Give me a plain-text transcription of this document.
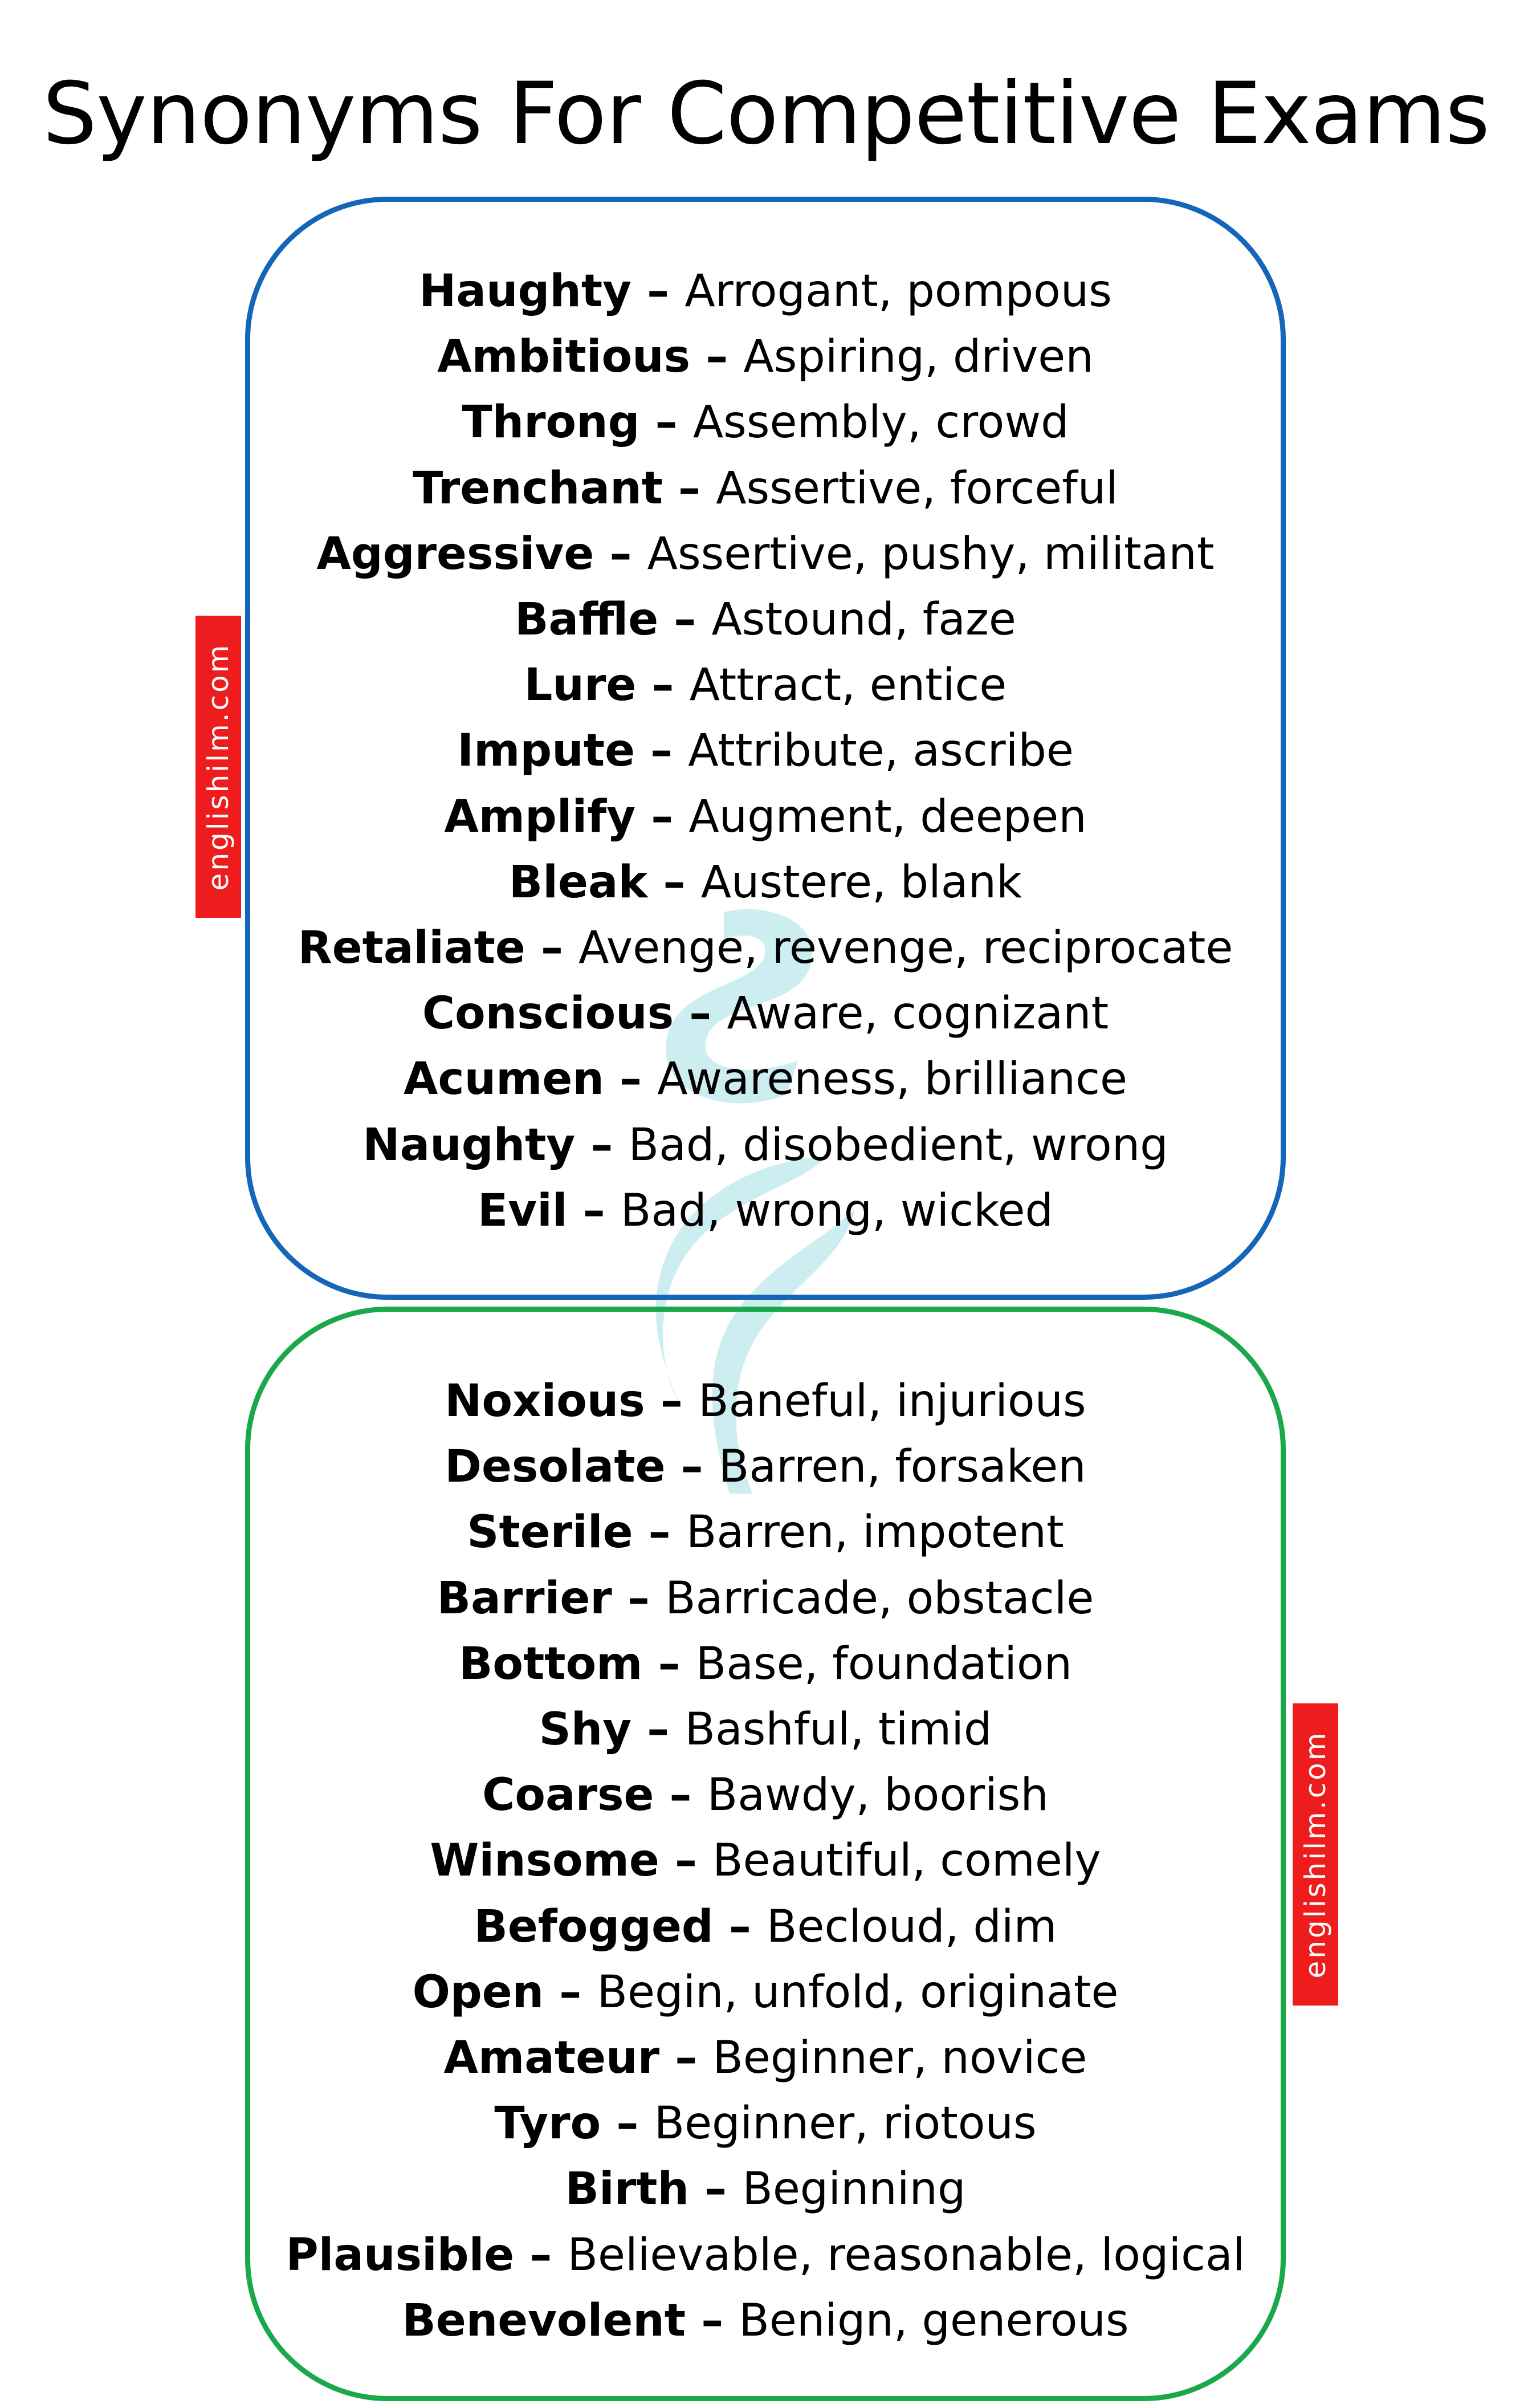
Synonyms For Competitive Exams
Haughty – Arrogant, pompous
Ambitious – Aspiring, driven
Throng – Assembly, crowd
Trenchant – Assertive, forceful
Aggressive – Assertive, pushy, militant
Baffle – Astound, faze
Lure – Attract, entice
Impute – Attribute, ascribe
Amplify – Augment, deepen
Bleak – Austere, blank
Retaliate – Avenge, revenge, reciprocate
Conscious – Aware, cognizant
Acumen – Awareness, brilliance
Naughty – Bad, disobedient, wrong
Evil – Bad, wrong, wicked
Noxious – Baneful, injurious
Desolate – Barren, forsaken
Sterile – Barren, impotent
Barrier – Barricade, obstacle
Bottom – Base, foundation
Shy – Bashful, timid
Coarse – Bawdy, boorish
Winsome – Beautiful, comely
Befogged – Becloud, dim
Open – Begin, unfold, originate
Amateur – Beginner, novice
Tyro – Beginner, riotous
Birth – Beginning
Plausible – Believable, reasonable, logical
Benevolent – Benign, generous
englishilm.com
englishilm.com
